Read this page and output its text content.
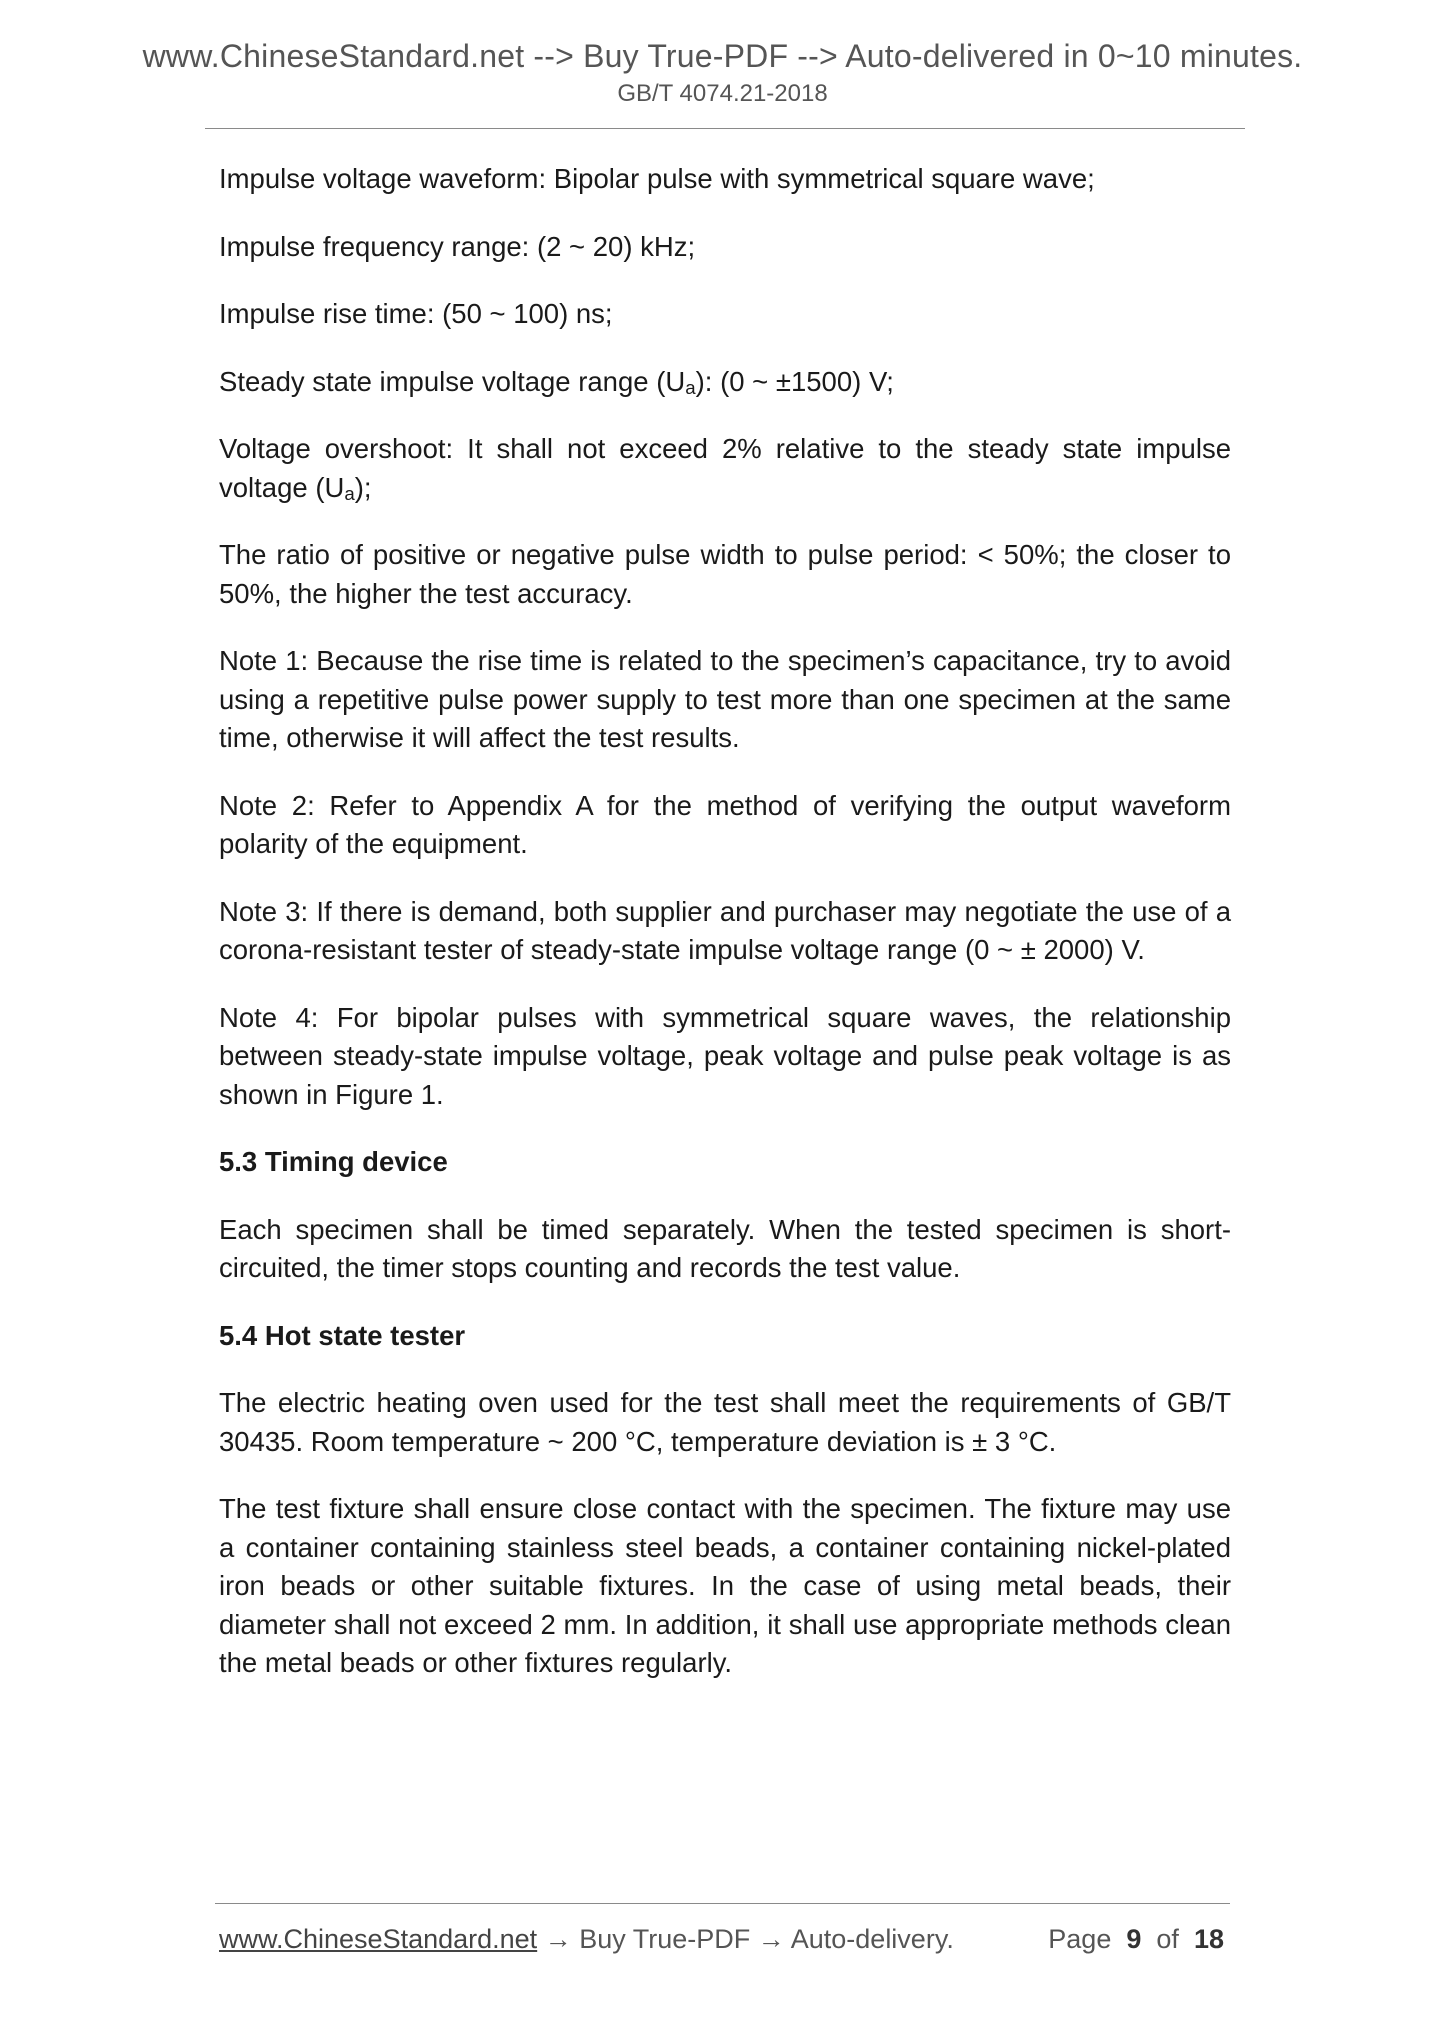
www.ChineseStandard.net --> Buy True-PDF --> Auto-delivered in 0~10 minutes.
GB/T 4074.21-2018

Impulse voltage waveform: Bipolar pulse with symmetrical square wave;

Impulse frequency range: (2 ~ 20) kHz;

Impulse rise time: (50 ~ 100) ns;

Steady state impulse voltage range $(U_a)$: (0 ~ ±1500) V;

Voltage overshoot: It shall not exceed 2% relative to the steady state impulse voltage $(U_a)$;

The ratio of positive or negative pulse width to pulse period: < 50%; the closer to 50%, the higher the test accuracy.

Note 1: Because the rise time is related to the specimen’s capacitance, try to avoid using a repetitive pulse power supply to test more than one specimen at the same time, otherwise it will affect the test results.

Note 2: Refer to Appendix A for the method of verifying the output waveform polarity of the equipment.

Note 3: If there is demand, both supplier and purchaser may negotiate the use of a corona-resistant tester of steady-state impulse voltage range (0 ~ ± 2000) V.

Note 4: For bipolar pulses with symmetrical square waves, the relationship between steady-state impulse voltage, peak voltage and pulse peak voltage is as shown in Figure 1.

5.3 Timing device

Each specimen shall be timed separately. When the tested specimen is short-circuited, the timer stops counting and records the test value.

5.4 Hot state tester

The electric heating oven used for the test shall meet the requirements of GB/T 30435. Room temperature ~ 200 °C, temperature deviation is ± 3 °C.

The test fixture shall ensure close contact with the specimen. The fixture may use a container containing stainless steel beads, a container containing nickel-plated iron beads or other suitable fixtures. In the case of using metal beads, their diameter shall not exceed 2 mm. In addition, it shall use appropriate methods clean the metal beads or other fixtures regularly.

www.ChineseStandard.net → Buy True-PDF → Auto-delivery.	Page 9 of 18
